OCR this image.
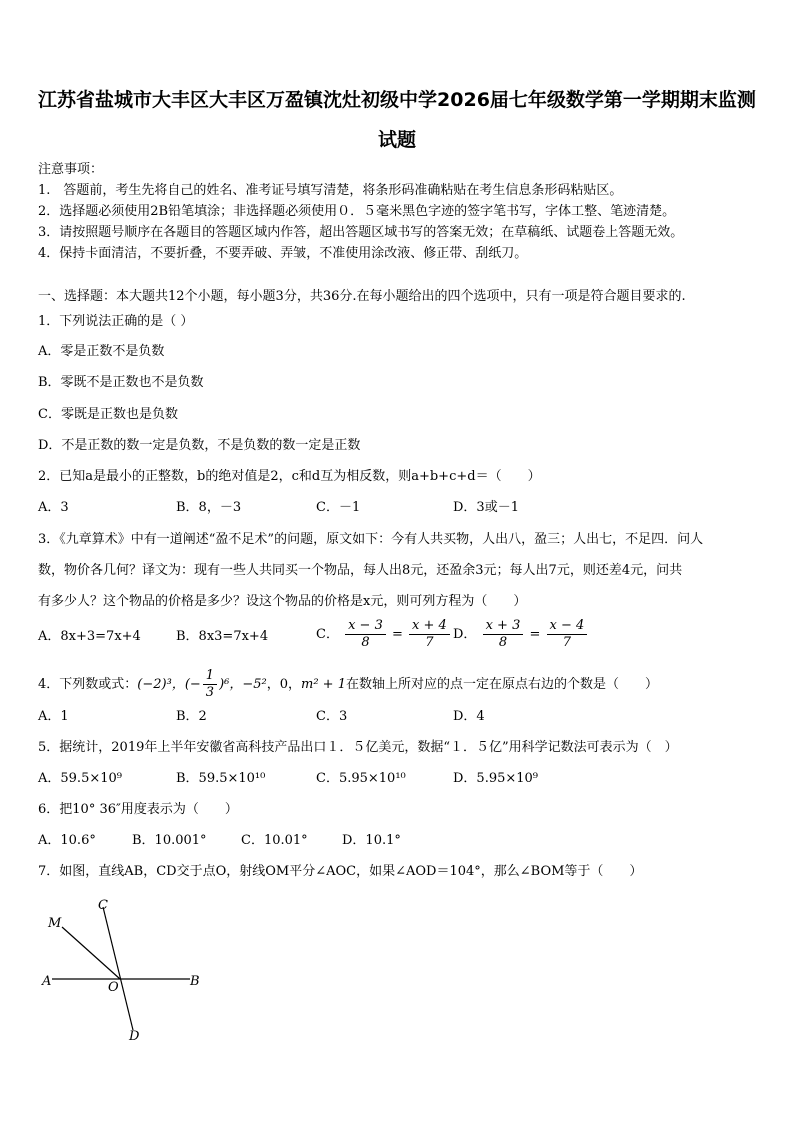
江苏省盐城市大丰区大丰区万盈镇沈灶初级中学2026届七年级数学第一学期期末监测
试题
注意事项：
1.　答题前，考生先将自己的姓名、准考证号填写清楚，将条形码准确粘贴在考生信息条形码粘贴区。
2．选择题必须使用2B铅笔填涂；非选择题必须使用０．５毫米黑色字迹的签字笔书写，字体工整、笔迹清楚。
3．请按照题号顺序在各题目的答题区域内作答，超出答题区域书写的答案无效；在草稿纸、试题卷上答题无效。
4．保持卡面清洁，不要折叠，不要弄破、弄皱，不准使用涂改液、修正带、刮纸刀。
一、选择题：本大题共12个小题，每小题3分，共36分.在每小题给出的四个选项中，只有一项是符合题目要求的.
1．下列说法正确的是（ ）
A．零是正数不是负数
B．零既不是正数也不是负数
C．零既是正数也是负数
D．不是正数的数一定是负数，不是负数的数一定是正数
2．已知a是最小的正整数，b的绝对值是2，c和d互为相反数，则a+b+c+d＝（　　）
A．3	B．8，－3	C．－1	D．3或－1
3．《九章算术》中有一道阐述“盈不足术”的问题，原文如下：今有人共买物，人出八，盈三；人出七，不足四．问人
数，物价各几何？译文为：现有一些人共同买一个物品，每人出8元，还盈余3元；每人出7元，则还差4元，问共
有多少人？这个物品的价格是多少？设这个物品的价格是x元，则可列方程为（　　）
A．8x+3=7x+4	B．8x3=7x+4	C． $\frac{x - 3}{8} = \frac{x + 4}{7}$ D． $\frac{x + 3}{8} = \frac{x - 4}{7}$
4．下列数或式：(−2)³，(− $\frac{1}{3} )^6$，−5²，0，m² + 1在数轴上所对应的点一定在原点右边的个数是（　　）
A．1	B．2	C．3	D．4
5．据统计，2019年上半年安徽省高科技产品出口１．５亿美元，数据“１．５亿”用科学记数法可表示为（　）
A．59.5×10⁹	B．59.5×10¹⁰	C．5.95×10¹⁰	D．5.95×10⁹
6．把10° 36″用度表示为（　　）
A．10.6°	B．10.001°	C．10.01°	D．10.1°
7．如图，直线AB，CD交于点O，射线OM平分∠AOC，如果∠AOD＝104°，那么∠BOM等于（　　）
C
M
A	O	B
D
